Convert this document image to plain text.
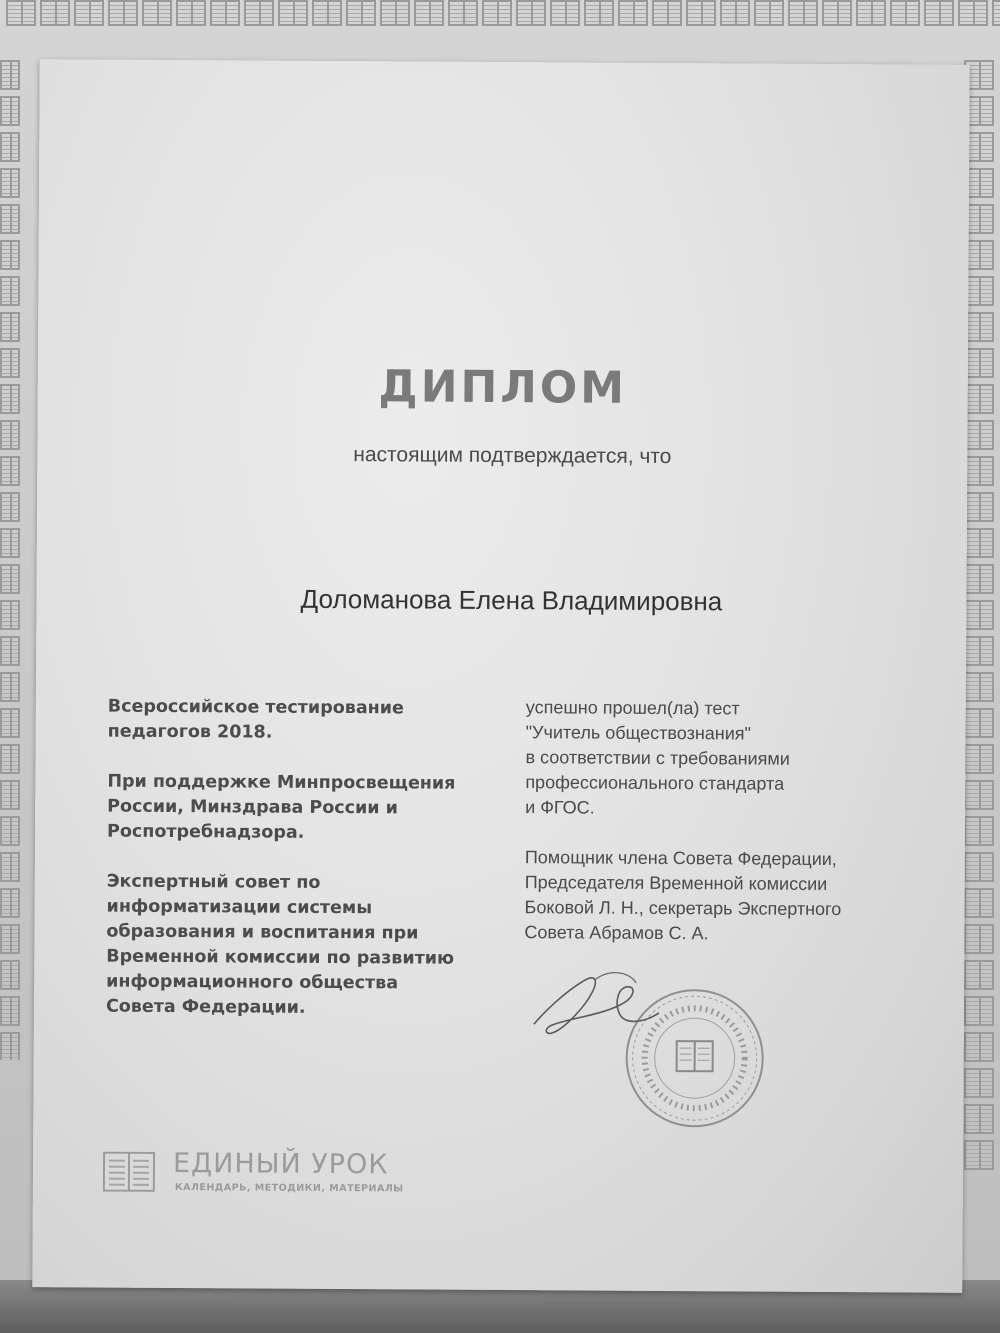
ДИПЛОМ
настоящим подтверждается, что
Доломанова Елена Владимировна
Всероссийское тестирование
педагогов 2018.
При поддержке Минпросвещения
России, Минздрава России и
Роспотребнадзора.
Экспертный совет по
информатизации системы
образования и воспитания при
Временной комиссии по развитию
информационного общества
Совета Федерации.
успешно прошел(ла) тест
"Учитель обществознания"
в соответствии с требованиями
профессионального стандарта
и ФГОС.
Помощник члена Совета Федерации,
Председателя Временной комиссии
Боковой Л. Н., секретарь Экспертного
Совета Абрамов С. А.
ЕДИНЫЙ УРОК
КАЛЕНДАРЬ, МЕТОДИКИ, МАТЕРИАЛЫ
